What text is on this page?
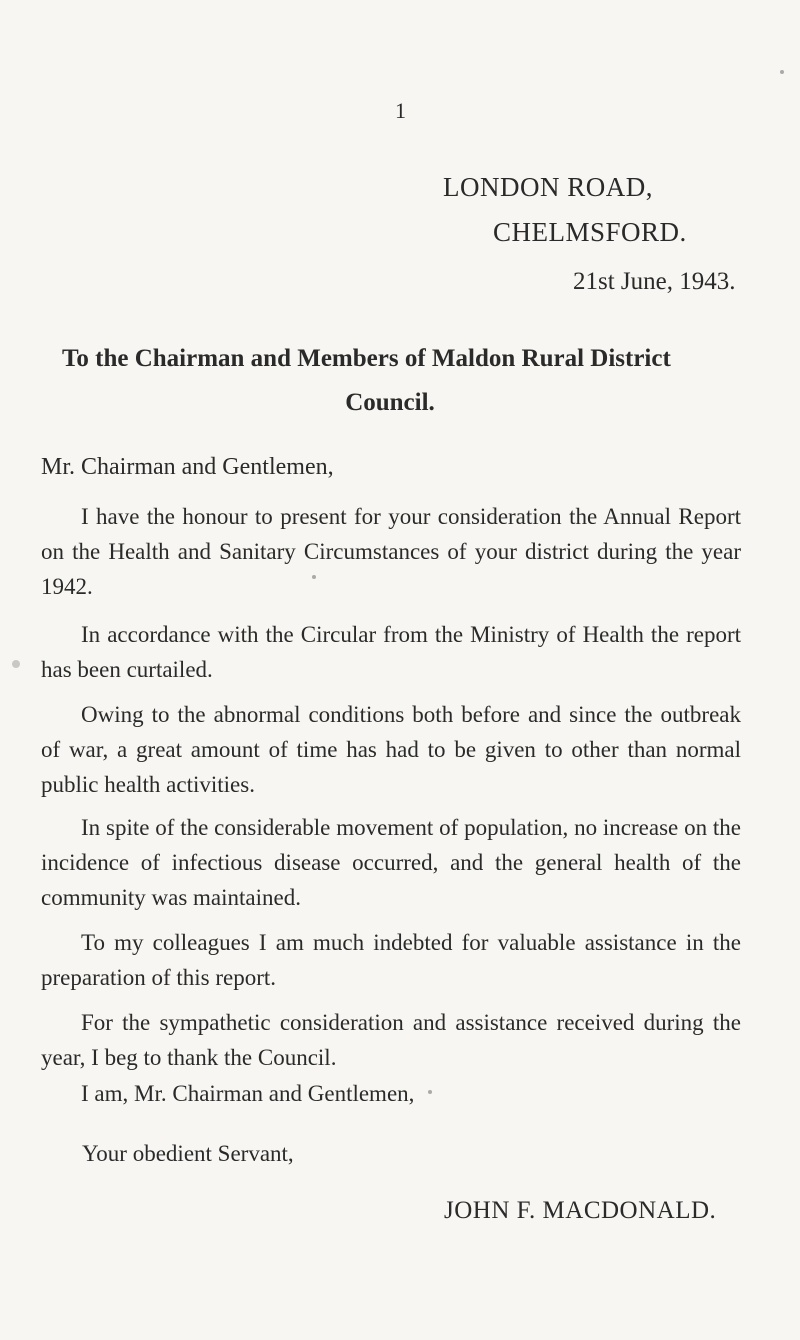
1
LONDON ROAD,
CHELMSFORD.
21st June, 1943.
To the Chairman and Members of Maldon Rural District
Council.
Mr. Chairman and Gentlemen,
I have the honour to present for your consideration the Annual Report on the Health and Sanitary Circumstances of your district during the year 1942.
In accordance with the Circular from the Ministry of Health the report has been curtailed.
Owing to the abnormal conditions both before and since the outbreak of war, a great amount of time has had to be given to other than normal public health activities.
In spite of the considerable movement of population, no increase on the incidence of infectious disease occurred, and the general health of the community was maintained.
To my colleagues I am much indebted for valuable assistance in the preparation of this report.
For the sympathetic consideration and assistance received during the year, I beg to thank the Council.
I am, Mr. Chairman and Gentlemen,
Your obedient Servant,
JOHN F. MACDONALD.
